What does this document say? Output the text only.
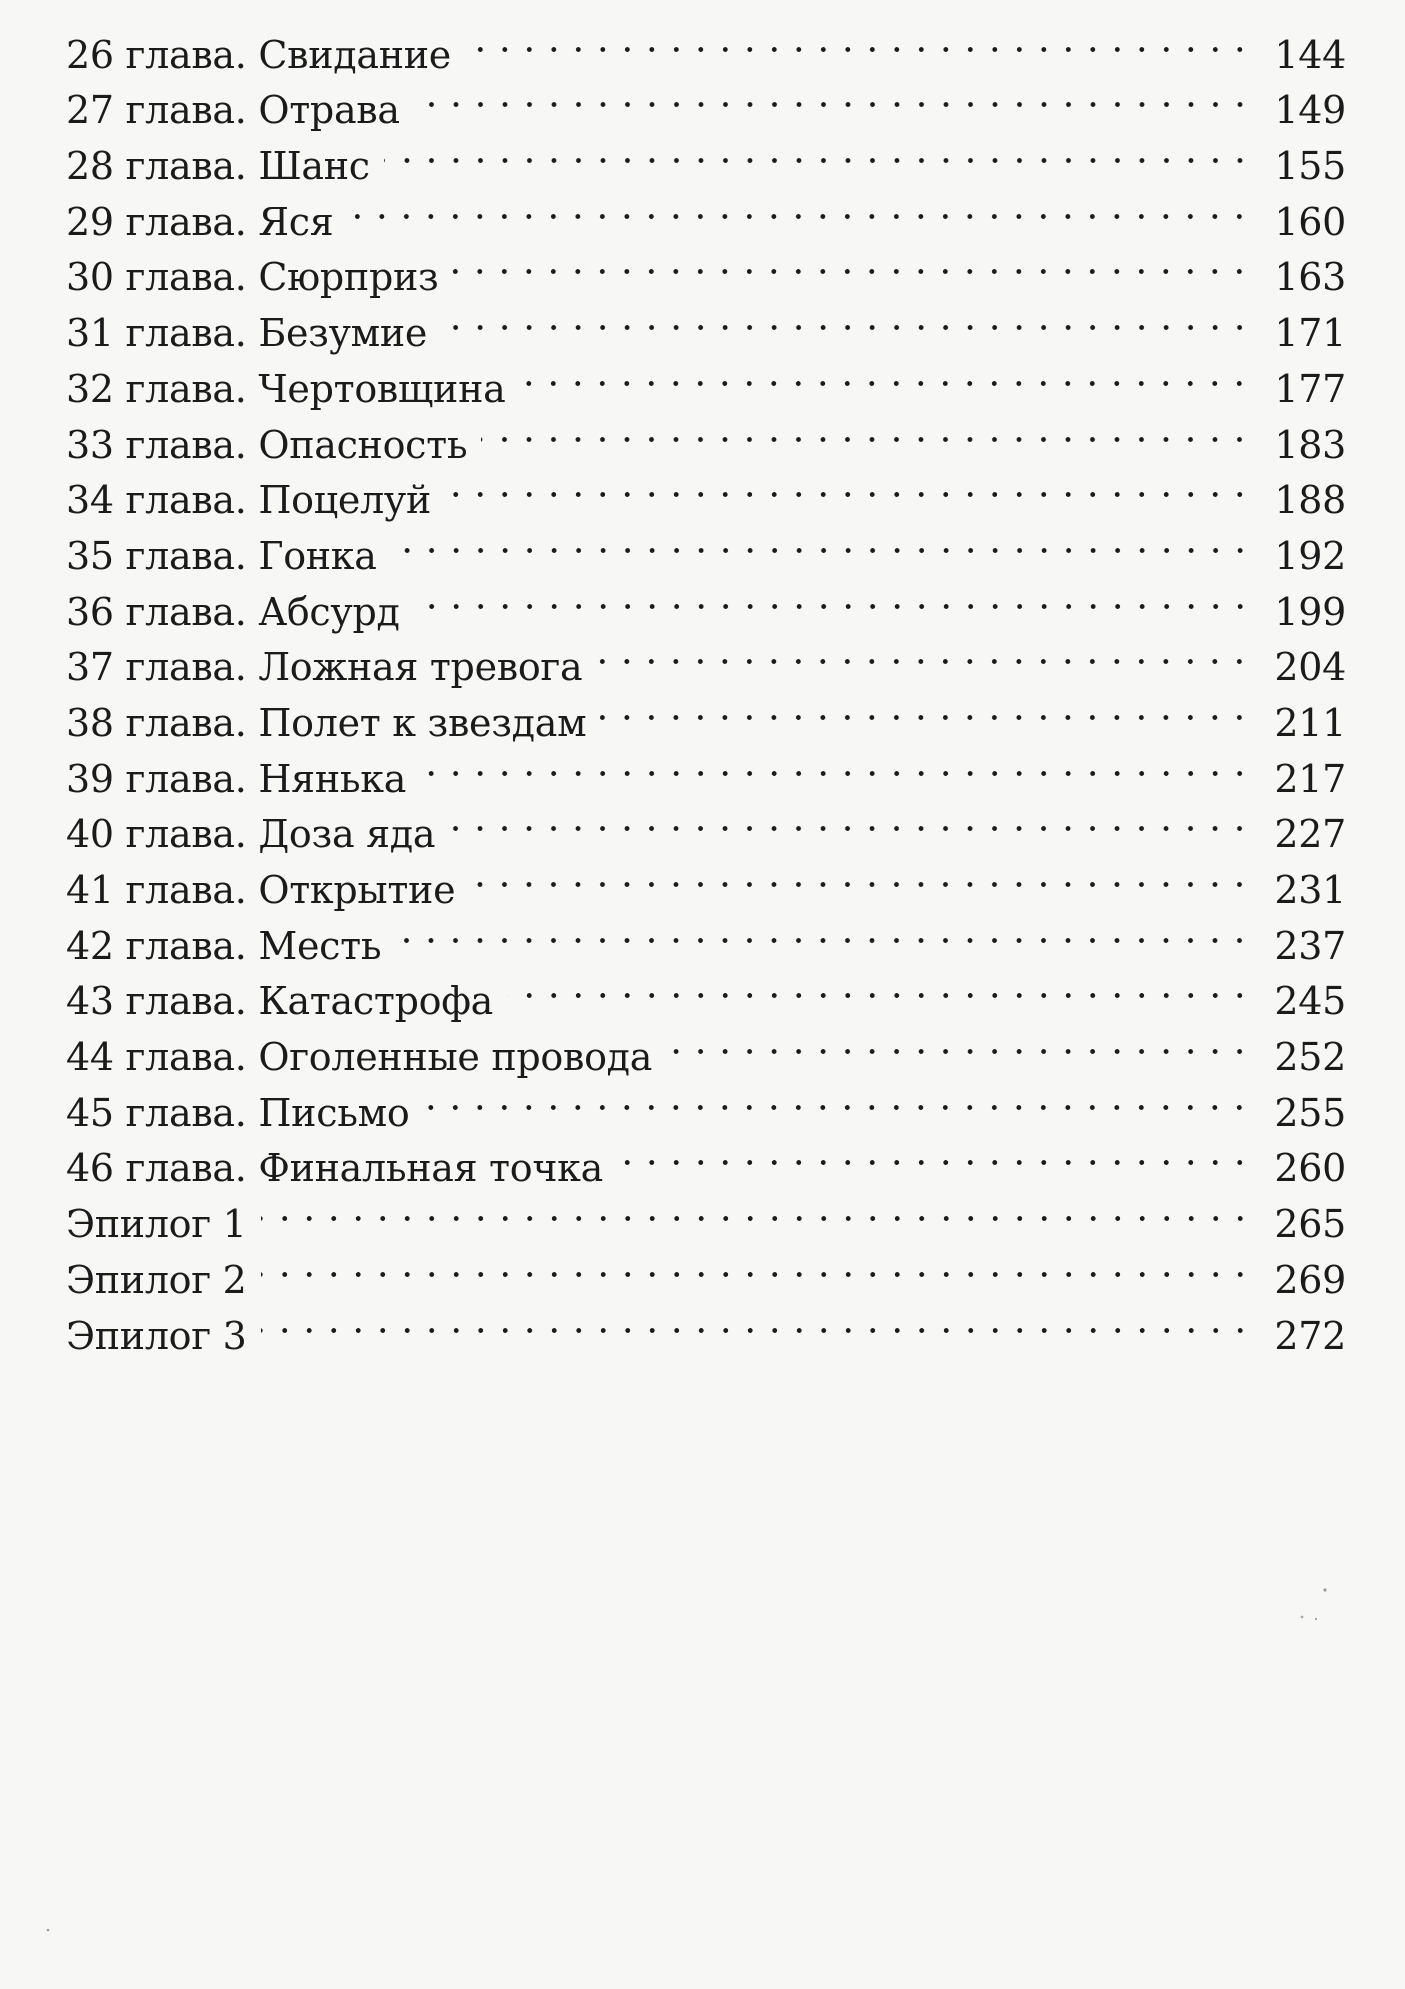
26 глава. Свидание	144
27 глава. Отрава	149
28 глава. Шанс	155
29 глава. Яся	160
30 глава. Сюрприз	163
31 глава. Безумие	171
32 глава. Чертовщина	177
33 глава. Опасность	183
34 глава. Поцелуй	188
35 глава. Гонка	192
36 глава. Абсурд	199
37 глава. Ложная тревога	204
38 глава. Полет к звездам	211
39 глава. Нянька	217
40 глава. Доза яда	227
41 глава. Открытие	231
42 глава. Месть	237
43 глава. Катастрофа	245
44 глава. Оголенные провода	252
45 глава. Письмо	255
46 глава. Финальная точка	260
Эпилог 1	265
Эпилог 2	269
Эпилог 3	272
